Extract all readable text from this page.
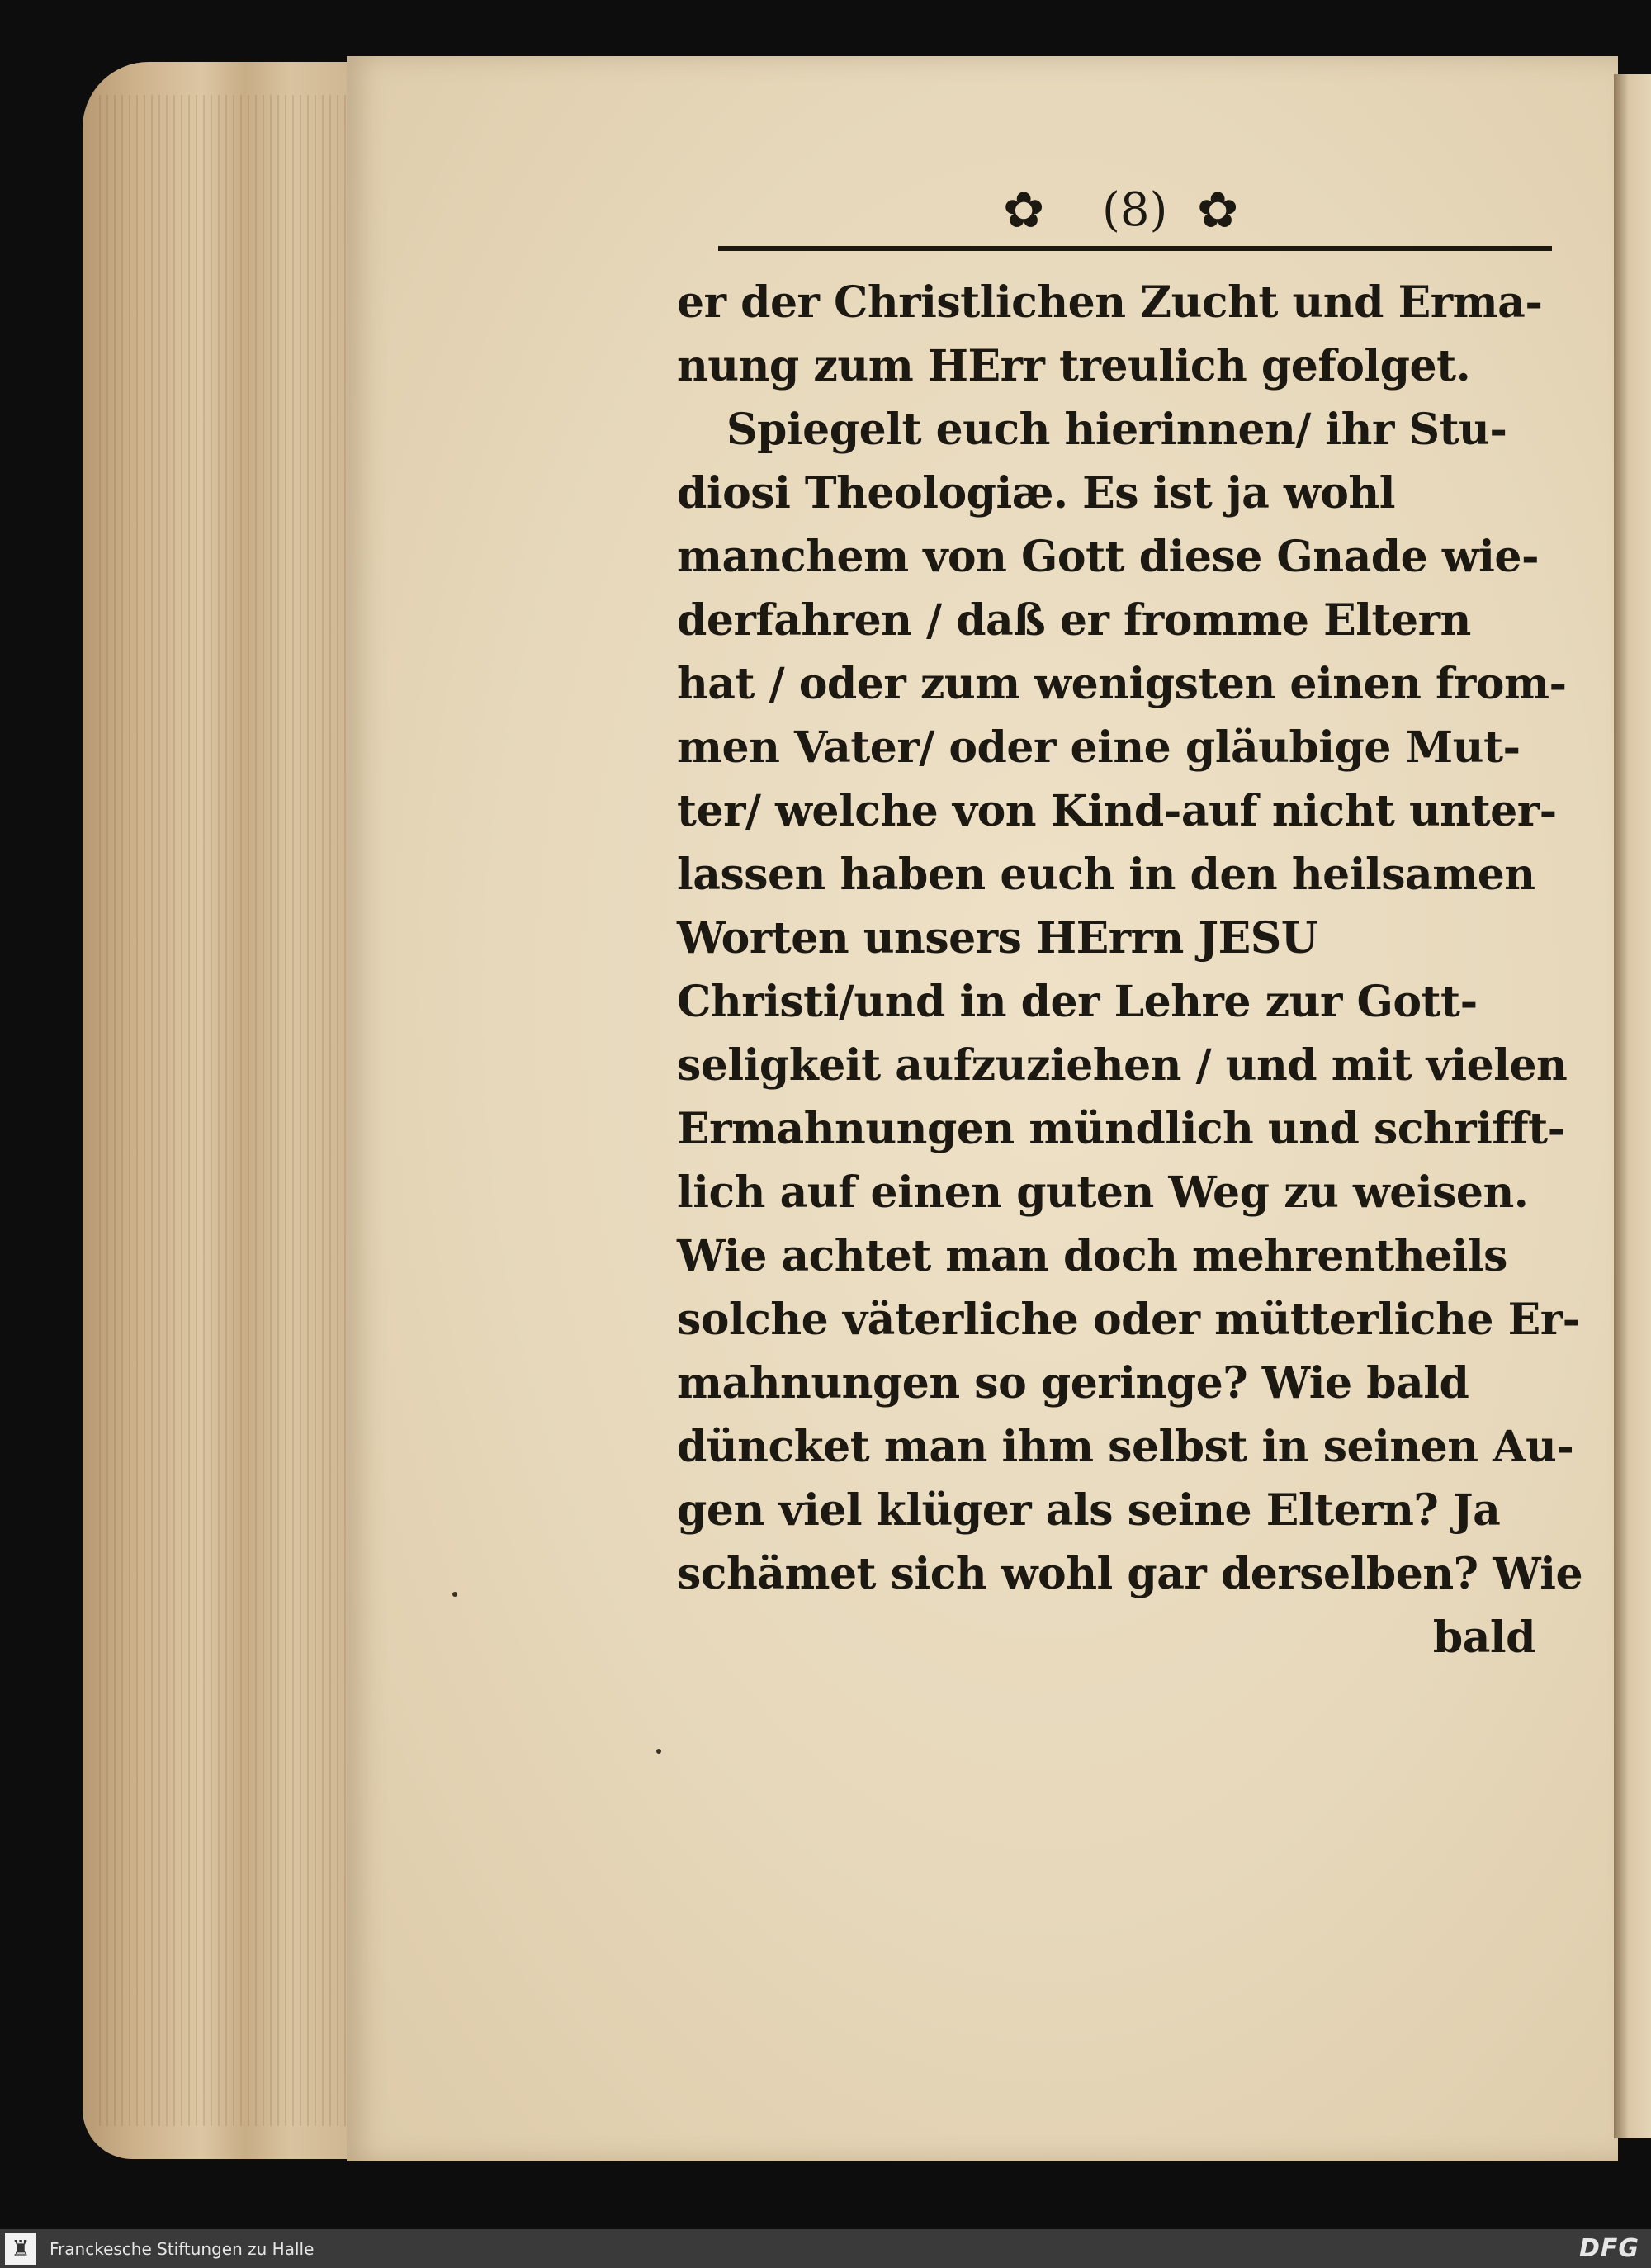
✿ (8) ✿
er der Christlichen Zucht und Erma-
nung zum HErr treulich gefolget.
Spiegelt euch hierinnen/ ihr Stu-
diosi Theologiæ. Es ist ja wohl
manchem von Gott diese Gnade wie-
derfahren / daß er fromme Eltern
hat / oder zum wenigsten einen from-
men Vater/ oder eine gläubige Mut-
ter/ welche von Kind-auf nicht unter-
lassen haben euch in den heilsamen
Worten unsers HErrn JESU
Christi/und in der Lehre zur Gott-
seligkeit aufzuziehen / und mit vielen
Ermahnungen mündlich und schrifft-
lich auf einen guten Weg zu weisen.
Wie achtet man doch mehrentheils
solche väterliche oder mütterliche Er-
mahnungen so geringe? Wie bald
düncket man ihm selbst in seinen Au-
gen viel klüger als seine Eltern? Ja
schämet sich wohl gar derselben? Wie
bald
♜	Franckesche Stiftungen zu Halle	DFG
